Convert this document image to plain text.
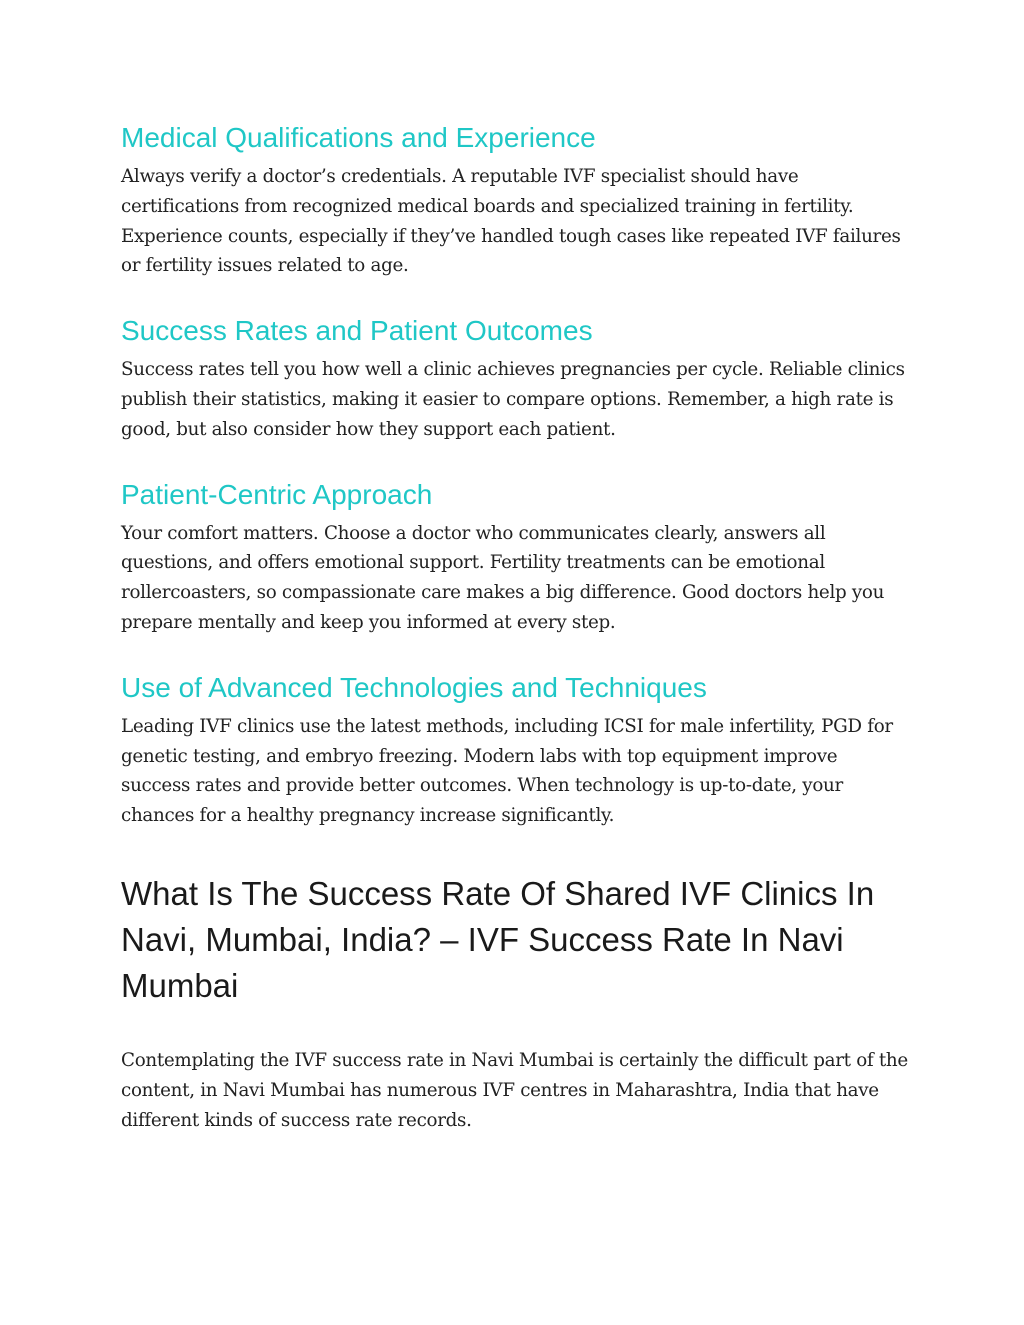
Medical Qualifications and Experience

Always verify a doctor’s credentials. A reputable IVF specialist should have certifications from recognized medical boards and specialized training in fertility. Experience counts, especially if they’ve handled tough cases like repeated IVF failures or fertility issues related to age.

Success Rates and Patient Outcomes

Success rates tell you how well a clinic achieves pregnancies per cycle. Reliable clinics publish their statistics, making it easier to compare options. Remember, a high rate is good, but also consider how they support each patient.

Patient-Centric Approach

Your comfort matters. Choose a doctor who communicates clearly, answers all questions, and offers emotional support. Fertility treatments can be emotional rollercoasters, so compassionate care makes a big difference. Good doctors help you prepare mentally and keep you informed at every step.

Use of Advanced Technologies and Techniques

Leading IVF clinics use the latest methods, including ICSI for male infertility, PGD for genetic testing, and embryo freezing. Modern labs with top equipment improve success rates and provide better outcomes. When technology is up-to-date, your chances for a healthy pregnancy increase significantly.

What Is The Success Rate Of Shared IVF Clinics In Navi, Mumbai, India? – IVF Success Rate In Navi Mumbai

Contemplating the IVF success rate in Navi Mumbai is certainly the difficult part of the content, in Navi Mumbai has numerous IVF centres in Maharashtra, India that have different kinds of success rate records.
